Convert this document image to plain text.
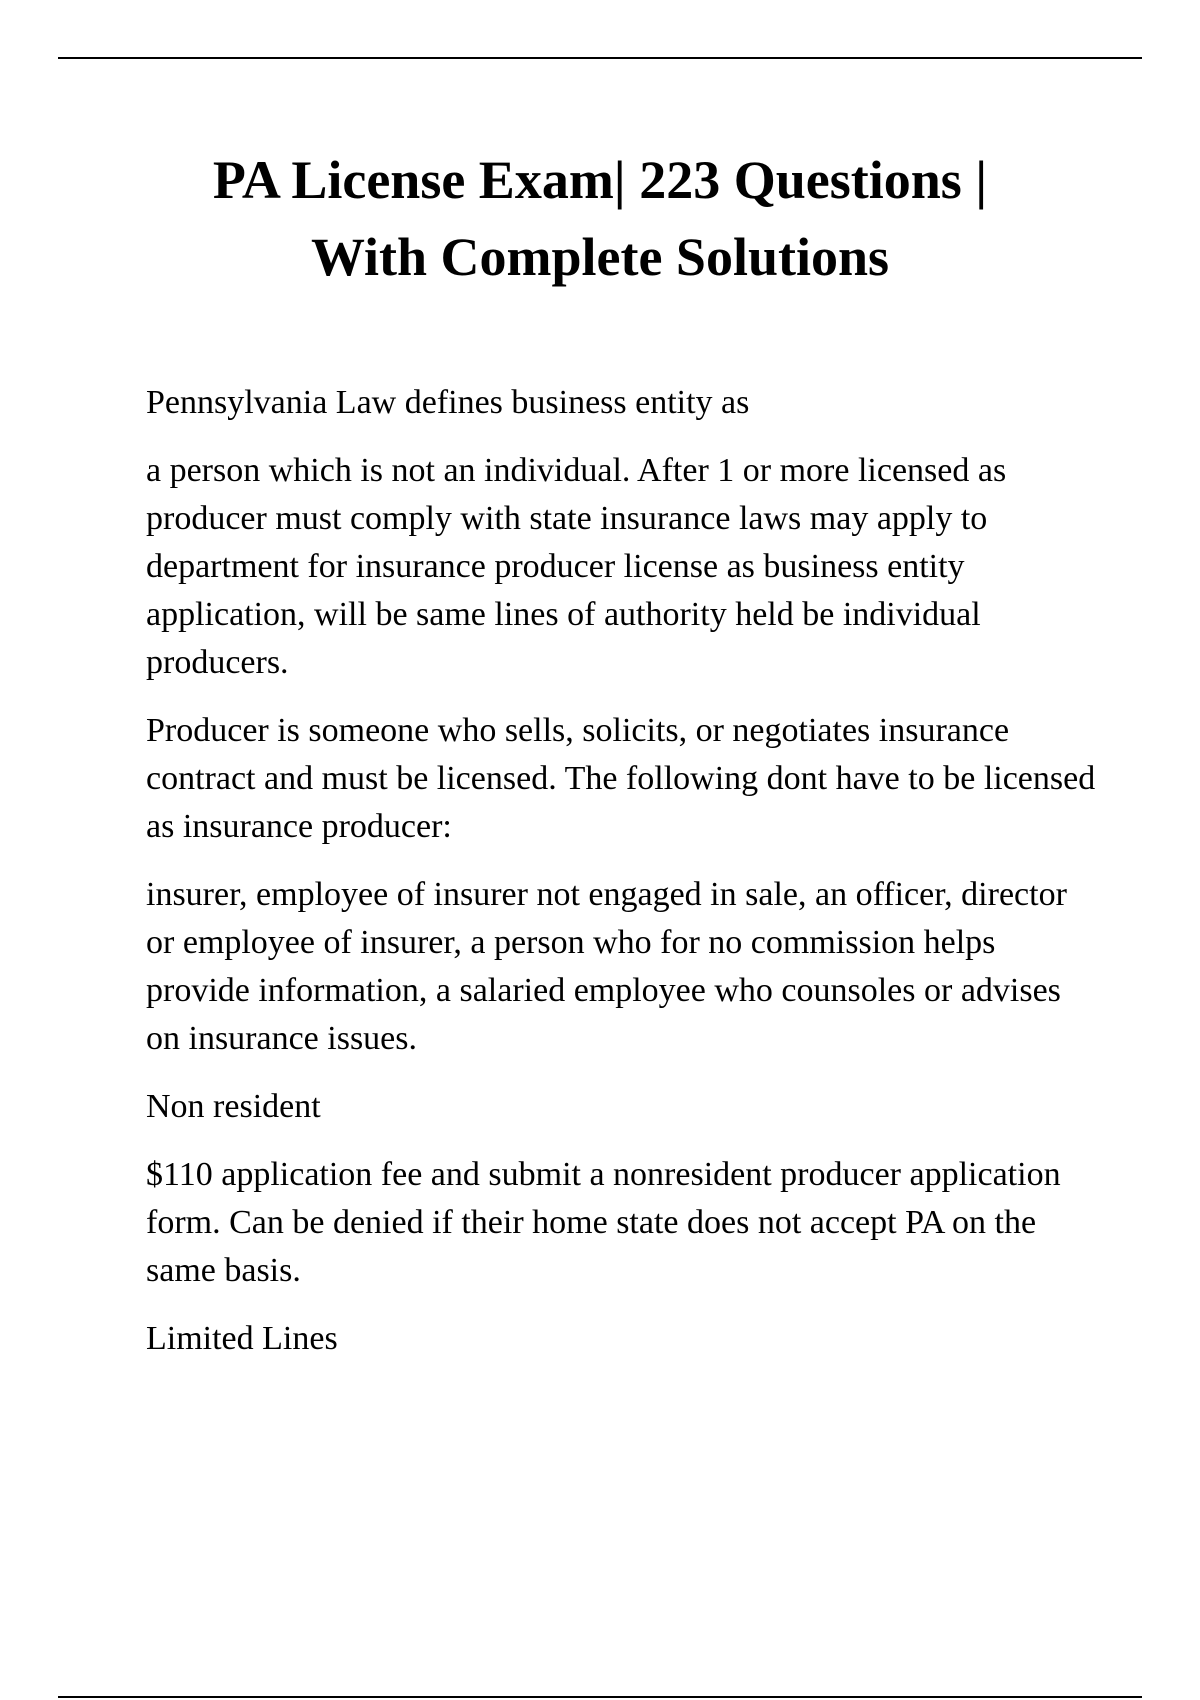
PA License Exam| 223 Questions |
With Complete Solutions

Pennsylvania Law defines business entity as

a person which is not an individual. After 1 or more licensed as producer must comply with state insurance laws may apply to department for insurance producer license as business entity application, will be same lines of authority held be individual producers.

Producer is someone who sells, solicits, or negotiates insurance contract and must be licensed. The following dont have to be licensed as insurance producer:

insurer, employee of insurer not engaged in sale, an officer, director or employee of insurer, a person who for no commission helps provide information, a salaried employee who counsoles or advises on insurance issues.

Non resident

$110 application fee and submit a nonresident producer application form. Can be denied if their home state does not accept PA on the same basis.

Limited Lines
